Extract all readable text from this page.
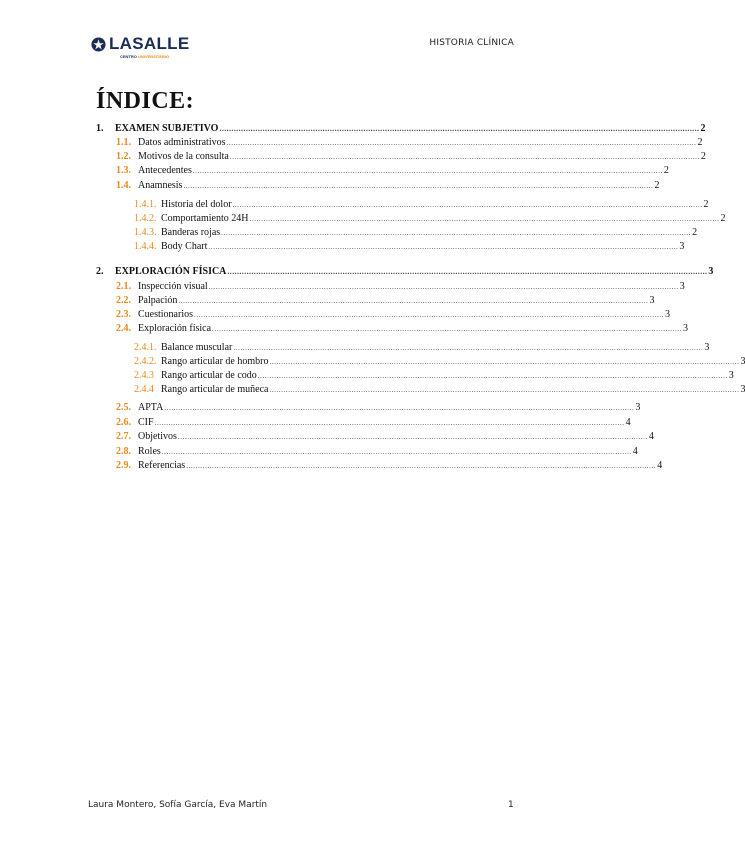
LASALLE
CENTRO UNIVERSITARIO
HISTORIA CLÍNICA
ÍNDICE:
1.	EXAMEN SUBJETIVO ........................................................................................................................................................................................................ 2
1.1. Datos administrativos ........................................................................................................................................................................................................ 2
1.2. Motivos de la consulta ........................................................................................................................................................................................................ 2
1.3. Antecedentes ........................................................................................................................................................................................................ 2
1.4. Anamnesis ........................................................................................................................................................................................................ 2
1.4.1. Historia del dolor ........................................................................................................................................................................................................ 2
1.4.2. Comportamiento 24H ........................................................................................................................................................................................................ 2
1.4.3. Banderas rojas ........................................................................................................................................................................................................ 2
1.4.4. Body Chart ........................................................................................................................................................................................................ 3
2.	EXPLORACIÓN FÍSICA ........................................................................................................................................................................................................ 3
2.1. Inspección visual ........................................................................................................................................................................................................ 3
2.2. Palpación ........................................................................................................................................................................................................ 3
2.3. Cuestionarios ........................................................................................................................................................................................................ 3
2.4. Exploración física ........................................................................................................................................................................................................ 3
2.4.1. Balance muscular ........................................................................................................................................................................................................ 3
2.4.2. Rango articular de hombro ........................................................................................................................................................................................................ 3
2.4.3 Rango articular de codo ........................................................................................................................................................................................................ 3
2.4.4 Rango articular de muñeca ........................................................................................................................................................................................................ 3
2.5. APTA ........................................................................................................................................................................................................ 3
2.6. CIF ........................................................................................................................................................................................................ 4
2.7. Objetivos ........................................................................................................................................................................................................ 4
2.8. Roles ........................................................................................................................................................................................................ 4
2.9. Referencias ........................................................................................................................................................................................................ 4
Laura Montero, Sofía García, Eva Martín	1
